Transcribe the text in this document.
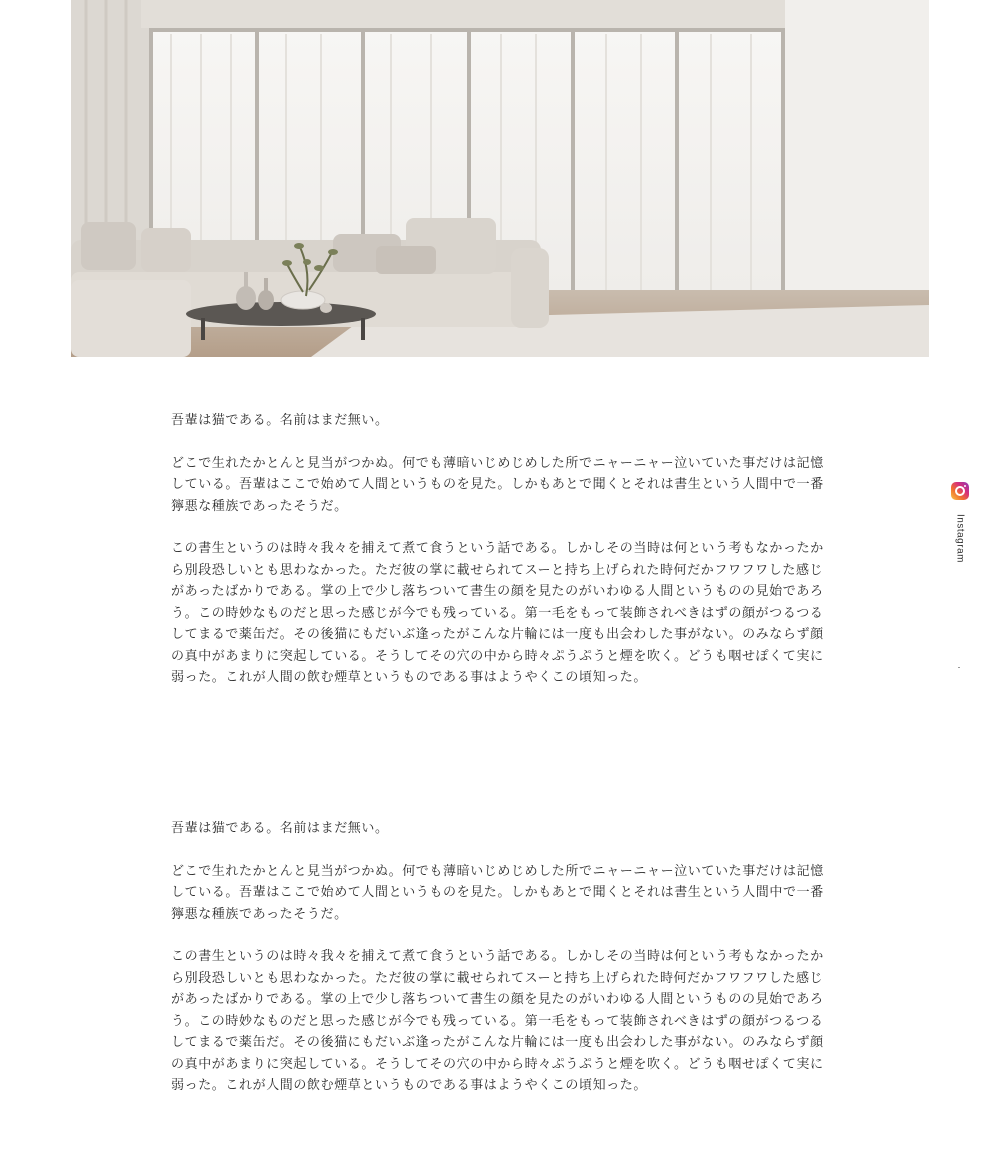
吾輩は猫である。名前はまだ無い。

どこで生れたかとんと見当がつかぬ。何でも薄暗いじめじめした所でニャーニャー泣いていた事だけは記憶している。吾輩はここで始めて人間というものを見た。しかもあとで聞くとそれは書生という人間中で一番獰悪な種族であったそうだ。

この書生というのは時々我々を捕えて煮て食うという話である。しかしその当時は何という考もなかったから別段恐しいとも思わなかった。ただ彼の掌に載せられてスーと持ち上げられた時何だかフワフワした感じがあったばかりである。掌の上で少し落ちついて書生の顔を見たのがいわゆる人間というものの見始であろう。この時妙なものだと思った感じが今でも残っている。第一毛をもって装飾されべきはずの顔がつるつるしてまるで薬缶だ。その後猫にもだいぶ逢ったがこんな片輪には一度も出会わした事がない。のみならず顔の真中があまりに突起している。そうしてその穴の中から時々ぷうぷうと煙を吹く。どうも咽せぽくて実に弱った。これが人間の飲む煙草というものである事はようやくこの頃知った。

吾輩は猫である。名前はまだ無い。

どこで生れたかとんと見当がつかぬ。何でも薄暗いじめじめした所でニャーニャー泣いていた事だけは記憶している。吾輩はここで始めて人間というものを見た。しかもあとで聞くとそれは書生という人間中で一番獰悪な種族であったそうだ。

この書生というのは時々我々を捕えて煮て食うという話である。しかしその当時は何という考もなかったから別段恐しいとも思わなかった。ただ彼の掌に載せられてスーと持ち上げられた時何だかフワフワした感じがあったばかりである。掌の上で少し落ちついて書生の顔を見たのがいわゆる人間というものの見始であろう。この時妙なものだと思った感じが今でも残っている。第一毛をもって装飾されべきはずの顔がつるつるしてまるで薬缶だ。その後猫にもだいぶ逢ったがこんな片輪には一度も出会わした事がない。のみならず顔の真中があまりに突起している。そうしてその穴の中から時々ぷうぷうと煙を吹く。どうも咽せぽくて実に弱った。これが人間の飲む煙草というものである事はようやくこの頃知った。

Instagram
